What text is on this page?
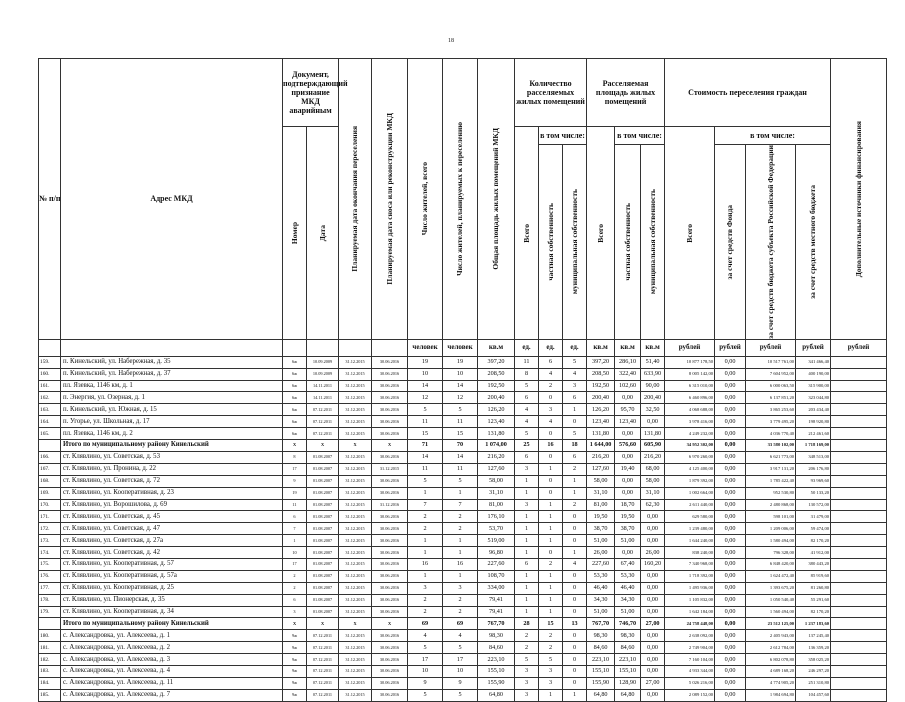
18
№ п/п	Адрес МКД	Документ, подтверждающий признание МКД аварийным		Планируемая дата окончания переселения	Планируемая дата сноса или реконструкции МКД	Число жителей, всего	Число жителей, планируемых к переселению	Общая площадь жилых помещений МКД	Количество расселяемых жилых помещений			Расселяемая площадь жилых помещений			Стоимость переселения граждан				Дополнительные источники финансирования

		Номер	Дата						Всего	в том числе:		Всего	в том числе:		Всего	в том числе:			

										частная собственность	муниципальная собственность		частная собственность	муниципальная собственность		за счет средств Фонда	за счет средств бюджета субъекта Российской Федерации	за счет средств местного бюджета	

						человек	человек	кв.м	ед.	ед.	ед.	кв.м	кв.м	кв.м	рублей	рублей	рублей	рублей	рублей
159.	п. Кинельский, ул. Набережная, д. 35	6ж	10.09.2009	31.12.2015	30.06.2016	19	19	397,20	11	6	5	397,20	286,10	51,40	10 877 178,50	0,00	10 517 761,00	341 466,40	
160.	п. Кинельский, ул. Набережная, д. 37	6ж	10.09.2009	31.12.2015	30.06.2016	10	10	208,50	8	4	4	208,50	322,40	633,90	8 005 142,00	0,00	7 604 952,00	400 190,00	
161.	пл. Язевка, 1146 км, д. 1	6ж	14.11.2011	31.12.2015	30.06.2016	14	14	192,50	5	2	3	192,50	102,60	90,00	6 315 010,00	0,00	6 000 063,50	315 900,00	
162.	п. Энергия, ул. Озерная, д. 1	6ж	14.11.2011	31.12.2015	30.06.2016	12	12	200,40	6	0	6	200,40	0,00	200,40	6 460 896,00	0,00	6 137 851,20	323 044,80	
163.	п. Кинельский, ул. Южная, д. 15	6ж	07.12.2011	31.12.2015	30.06.2016	5	5	126,20	4	3	1	126,20	95,70	32,50	4 068 688,00	0,00	3 865 253,60	203 434,40	
164.	п. Угорье, ул. Школьная, д. 17	6ж	07.12.2011	31.12.2015	30.06.2016	11	11	123,40	4	4	0	123,40	123,40	0,00	3 978 416,00	0,00	3 779 495,20	198 920,80	
165.	пл. Язевка, 1146 км, д. 2	6ж	07.12.2011	31.12.2015	30.06.2016	15	15	131,80	5	0	5	131,80	0,00	131,80	4 249 232,00	0,00	4 036 770,40	212 461,60	
	Итого по муниципальному району Кинельский	X	X	X	X	71	70	1 074,00	25	16	18	1 644,00	576,60	605,90	34 952 302,00	0,00	33 580 102,00	1 718 169,00	
166.	ст. Клявлино, ул. Советская, д. 53	8	01.08.2007	31.12.2015	30.06.2016	14	14	216,20	6	0	6	216,20	0,00	216,20	6 970 260,00	0,00	6 621 773,00	348 513,00	
167.	ст. Клявлино, ул. Пронина, д. 22	17	01.08.2007	31.12.2015	31.12.2015	11	11	127,60	3	1	2	127,60	19,40	68,00	4 125 400,00	0,00	3 917 131,20	206 176,80	
168.	ст. Клявлино, ул. Советская, д. 72	9	01.08.2007	31.12.2015	30.06.2016	5	5	58,00	1	0	1	58,00	0,00	58,00	1 879 392,00	0,00	1 785 422,40	93 969,60	
169.	ст. Клявлино, ул. Кооперативная, д. 23	19	01.08.2007	31.12.2015	30.06.2016	1	1	31,10	1	0	1	31,10	0,00	31,10	1 002 664,00	0,00	952 530,80	50 133,20	
170.	ст. Клявлино, ул. Ворошилова, д. 69	11	01.08.2007	31.12.2015	31.12.2016	7	7	81,00	3	1	2	81,00	18,70	62,30	2 611 440,00	0,00	2 480 868,00	130 572,00	
171.	ст. Клявлино, ул. Советская, д. 45	6	01.08.2007	31.12.2015	30.06.2016	2	2	176,10	1	1	0	19,50	19,50	0,00	629 580,00	0,00	598 101,00	31 479,00	
172.	ст. Клявлино, ул. Советская, д. 47	7	01.08.2007	31.12.2015	30.06.2016	2	2	53,70	1	1	0	38,70	38,70	0,00	1 239 480,00	0,00	1 209 006,00	59 474,00	
173.	ст. Клявлино, ул. Советская, д. 27а	1	01.08.2007	31.12.2015	30.06.2016	1	1	519,00	1	1	0	51,00	51,00	0,00	1 644 240,00	0,00	1 580 494,00	82 170,20	
174.	ст. Клявлино, ул. Советская, д. 42	10	01.08.2007	31.12.2015	30.06.2016	1	1	96,80	1	0	1	26,00	0,00	26,00	838 240,00	0,00	796 328,00	41 912,00	
175.	ст. Клявлино, ул. Кооперативная, д. 57	17	01.08.2007	31.12.2015	30.06.2016	16	16	227,60	6	2	4	227,60	67,40	160,20	7 340 968,00	0,00	6 848 420,00	380 443,20	
176.	ст. Клявлино, ул. Кооперативная, д. 57а	2	01.08.2007	31.12.2015	30.06.2016	1	1	108,70	1	1	0	53,30	53,30	0,00	1 718 392,00	0,00	1 624 472,40	85 919,60	
177.	ст. Клявлино, ул. Кооперативная, д. 25	2	01.08.2007	31.12.2015	30.06.2016	3	3	334,00	1	1	0	46,40	46,40	0,00	1 495 936,00	0,00	1 393 675,20	81 260,80	
178.	ст. Клявлино, ул. Пионерская, д. 35	6	01.08.2007	31.12.2015	30.06.2016	2	2	79,41	1	1	0	34,30	34,30	0,00	1 105 832,00	0,00	1 050 540,40	55 291,60	
179.	ст. Клявлино, ул. Кооперативная, д. 34	3	01.08.2007	31.12.2015	30.06.2016	2	2	79,41	1	1	0	51,00	51,00	0,00	1 642 184,00	0,00	1 560 494,00	82 170,20	
	Итого по муниципальному району Кинельский	X	X	X	X	69	69	767,70	28	15	13	767,70	746,70	27,00	24 758 448,00	0,00	23 512 125,00	1 237 183,60	
180.	с. Александровка, ул. Алексеева, д. 1	9ж	07.12.2011	31.12.2015	30.06.2016	4	4	98,30	2	2	0	98,30	98,30	0,00	2 638 092,00	0,00	2 405 943,00	137 245,40	
181.	с. Александровка, ул. Алексеева, д. 2	9ж	07.12.2011	31.12.2015	30.06.2016	5	5	84,60	2	2	0	84,60	84,60	0,00	2 749 904,00	0,00	2 612 784,00	136 359,20	
182.	с. Александровка, ул. Алексеева, д. 3	9ж	07.12.2011	31.12.2015	30.06.2016	17	17	223,10	5	5	0	223,10	223,10	0,00	7 160 104,00	0,00	6 802 078,80	358 025,20	
183.	с. Александровка, ул. Алексеева, д. 4	9ж	07.12.2011	31.12.2015	30.06.2016	10	10	155,10	3	3	0	155,10	155,10	0,00	4 933 344,00	0,00	4 689 168,20	246 297,20	
184.	с. Александровка, ул. Алексеева, д. 11	9ж	07.12.2011	31.12.2015	30.06.2016	9	9	155,90	3	3	0	155,90	128,90	27,00	5 026 216,00	0,00	4 774 905,20	251 310,80	
185.	с. Александровка, ул. Алексеева, д. 7	9ж	07.12.2011	31.12.2015	30.06.2016	5	5	64,80	3	1	1	64,80	64,80	0,00	2 089 152,00	0,00	1 984 694,80	104 457,60	
